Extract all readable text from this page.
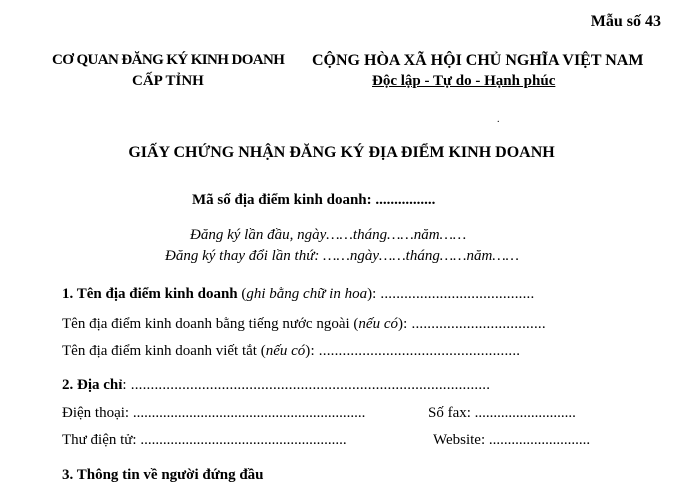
Mẫu số 43
CƠ QUAN ĐĂNG KÝ KINH DOANH
CẤP TỈNH
CỘNG HÒA XÃ HỘI CHỦ NGHĨA VIỆT NAM
Độc lập - Tự do - Hạnh phúc
.
GIẤY CHỨNG NHẬN ĐĂNG KÝ ĐỊA ĐIỂM KINH DOANH
Mã số địa điểm kinh doanh: ................
Đăng ký lần đầu, ngày……tháng……năm……
Đăng ký thay đổi lần thứ: ……ngày……tháng……năm……
1. Tên địa điểm kinh doanh (ghi bằng chữ in hoa): .......................................
Tên địa điểm kinh doanh bằng tiếng nước ngoài (nếu có): ..................................
Tên địa điểm kinh doanh viết tắt (nếu có): ...................................................
2. Địa chỉ: ...........................................................................................
Điện thoại: ..............................................................	Số fax: ...........................
Thư điện tử: .......................................................	Website: ...........................
3. Thông tin về người đứng đầu
